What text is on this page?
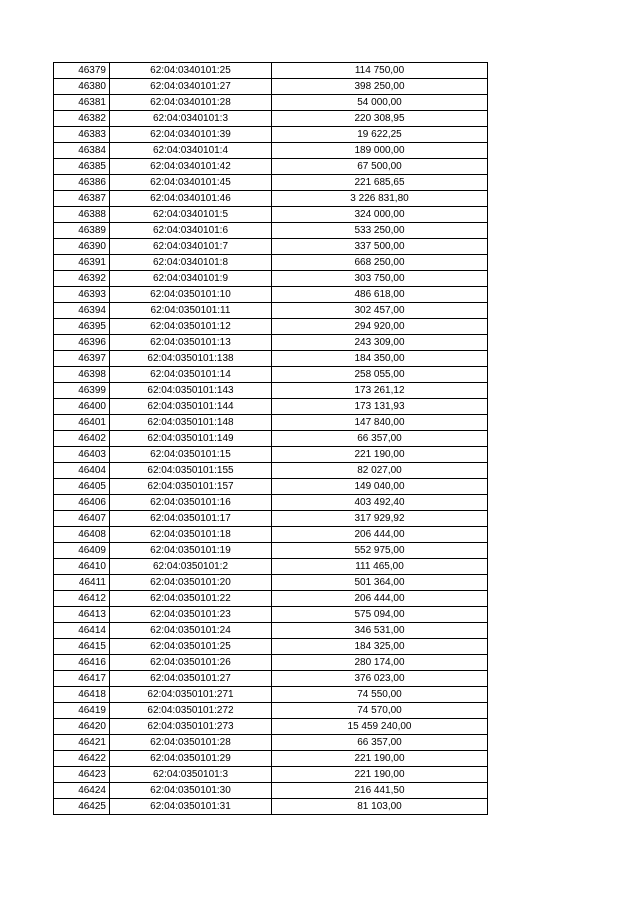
46379	62:04:0340101:25	114 750,00
46380	62:04:0340101:27	398 250,00
46381	62:04:0340101:28	54 000,00
46382	62:04:0340101:3	220 308,95
46383	62:04:0340101:39	19 622,25
46384	62:04:0340101:4	189 000,00
46385	62:04:0340101:42	67 500,00
46386	62:04:0340101:45	221 685,65
46387	62:04:0340101:46	3 226 831,80
46388	62:04:0340101:5	324 000,00
46389	62:04:0340101:6	533 250,00
46390	62:04:0340101:7	337 500,00
46391	62:04:0340101:8	668 250,00
46392	62:04:0340101:9	303 750,00
46393	62:04:0350101:10	486 618,00
46394	62:04:0350101:11	302 457,00
46395	62:04:0350101:12	294 920,00
46396	62:04:0350101:13	243 309,00
46397	62:04:0350101:138	184 350,00
46398	62:04:0350101:14	258 055,00
46399	62:04:0350101:143	173 261,12
46400	62:04:0350101:144	173 131,93
46401	62:04:0350101:148	147 840,00
46402	62:04:0350101:149	66 357,00
46403	62:04:0350101:15	221 190,00
46404	62:04:0350101:155	82 027,00
46405	62:04:0350101:157	149 040,00
46406	62:04:0350101:16	403 492,40
46407	62:04:0350101:17	317 929,92
46408	62:04:0350101:18	206 444,00
46409	62:04:0350101:19	552 975,00
46410	62:04:0350101:2	111 465,00
46411	62:04:0350101:20	501 364,00
46412	62:04:0350101:22	206 444,00
46413	62:04:0350101:23	575 094,00
46414	62:04:0350101:24	346 531,00
46415	62:04:0350101:25	184 325,00
46416	62:04:0350101:26	280 174,00
46417	62:04:0350101:27	376 023,00
46418	62:04:0350101:271	74 550,00
46419	62:04:0350101:272	74 570,00
46420	62:04:0350101:273	15 459 240,00
46421	62:04:0350101:28	66 357,00
46422	62:04:0350101:29	221 190,00
46423	62:04:0350101:3	221 190,00
46424	62:04:0350101:30	216 441,50
46425	62:04:0350101:31	81 103,00
